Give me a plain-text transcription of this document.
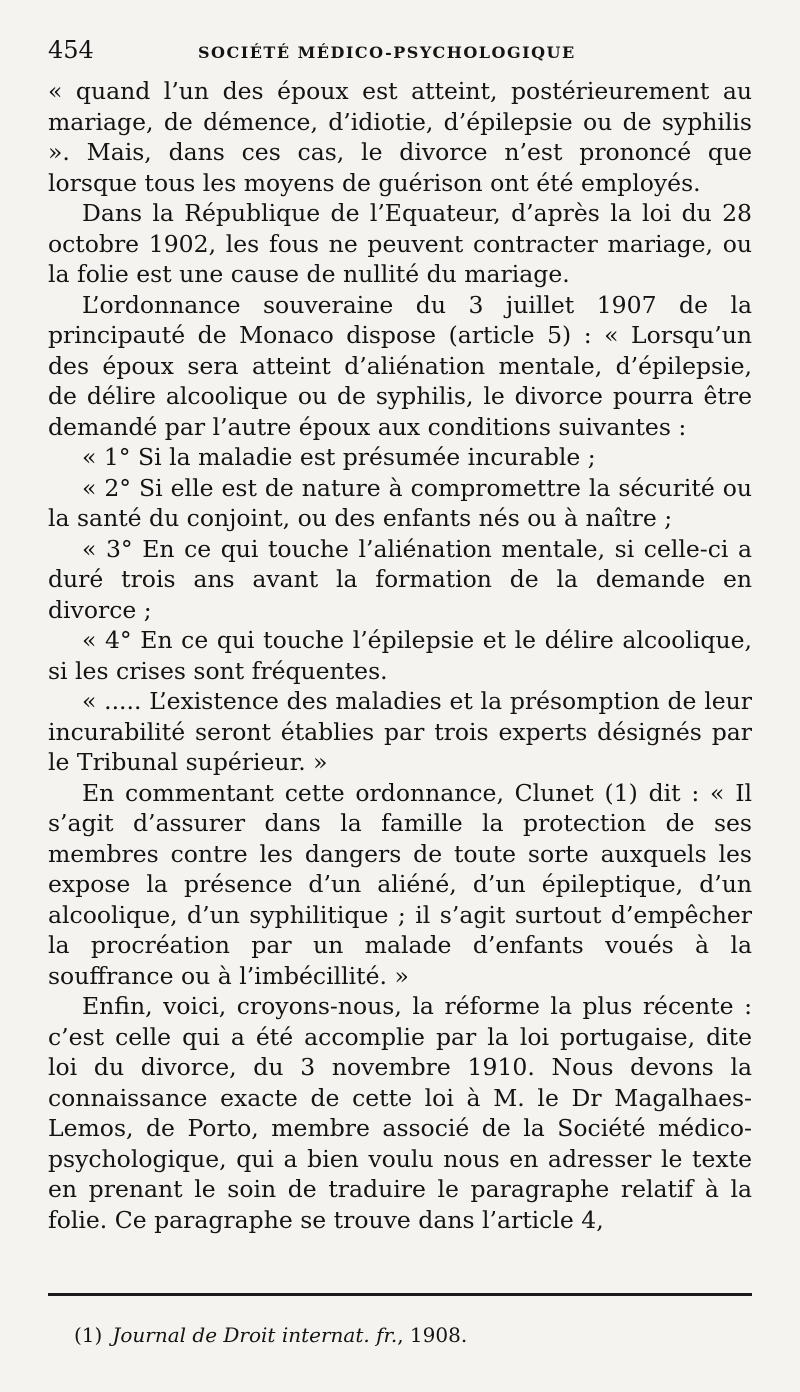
454	SOCIÉTÉ MÉDICO-PSYCHOLOGIQUE

« quand l’un des époux est atteint, postérieurement au mariage, de démence, d’idiotie, d’épilepsie ou de syphilis ». Mais, dans ces cas, le divorce n’est prononcé que lorsque tous les moyens de guérison ont été employés.

Dans la République de l’Equateur, d’après la loi du 28 octobre 1902, les fous ne peuvent contracter mariage, ou la folie est une cause de nullité du mariage.

L’ordonnance souveraine du 3 juillet 1907 de la principauté de Monaco dispose (article 5) : « Lorsqu’un des époux sera atteint d’aliénation mentale, d’épilepsie, de délire alcoolique ou de syphilis, le divorce pourra être demandé par l’autre époux aux conditions suivantes :

« 1° Si la maladie est présumée incurable ;

« 2° Si elle est de nature à compromettre la sécurité ou la santé du conjoint, ou des enfants nés ou à naître ;

« 3° En ce qui touche l’aliénation mentale, si celle-ci a duré trois ans avant la formation de la demande en divorce ;

« 4° En ce qui touche l’épilepsie et le délire alcoolique, si les crises sont fréquentes.

« ..... L’existence des maladies et la présomption de leur incurabilité seront établies par trois experts désignés par le Tribunal supérieur. »

En commentant cette ordonnance, Clunet (1) dit : « Il s’agit d’assurer dans la famille la protection de ses membres contre les dangers de toute sorte auxquels les expose la présence d’un aliéné, d’un épileptique, d’un alcoolique, d’un syphilitique ; il s’agit surtout d’empêcher la procréation par un malade d’enfants voués à la souffrance ou à l’imbécillité. »

Enfin, voici, croyons-nous, la réforme la plus récente : c’est celle qui a été accomplie par la loi portugaise, dite loi du divorce, du 3 novembre 1910. Nous devons la connaissance exacte de cette loi à M. le Dr Magalhaes-Lemos, de Porto, membre associé de la Société médico-psychologique, qui a bien voulu nous en adresser le texte en prenant le soin de traduire le paragraphe relatif à la folie. Ce paragraphe se trouve dans l’article 4,

(1) Journal de Droit internat. fr., 1908.
